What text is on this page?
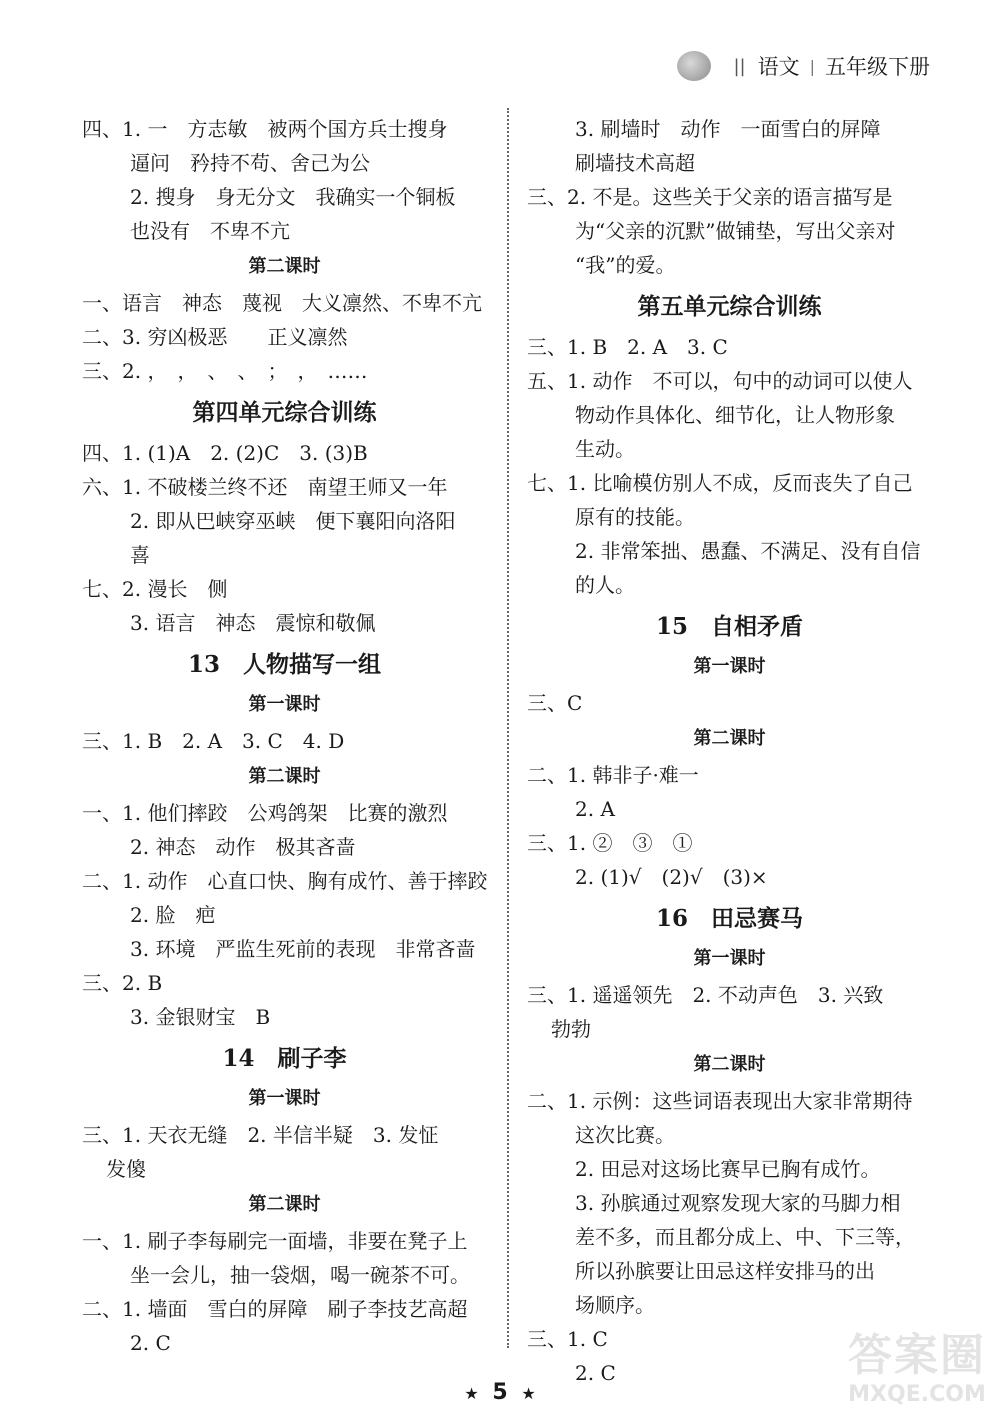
|| 语文 | 五年级下册
四、1. 一　方志敏　被两个国方兵士搜身
逼问　矜持不苟、舍己为公
2. 搜身　身无分文　我确实一个铜板
也没有　不卑不亢
第二课时
一、语言　神态　蔑视　大义凛然、不卑不亢
二、3. 穷凶极恶　　正义凛然
三、2. ，　，　、　、　；　，　……
第四单元综合训练
四、1. (1)A　2. (2)C　3. (3)B
六、1. 不破楼兰终不还　南望王师又一年
2. 即从巴峡穿巫峡　便下襄阳向洛阳
喜
七、2. 漫长　侧
3. 语言　神态　震惊和敬佩
13　人物描写一组
第一课时
三、1. B　2. A　3. C　4. D
第二课时
一、1. 他们摔跤　公鸡鸽架　比赛的激烈
2. 神态　动作　极其吝啬
二、1. 动作　心直口快、胸有成竹、善于摔跤
2. 脸　疤
3. 环境　严监生死前的表现　非常吝啬
三、2. B
3. 金银财宝　B
14　刷子李
第一课时
三、1. 天衣无缝　2. 半信半疑　3. 发怔
发傻
第二课时
一、1. 刷子李每刷完一面墙，非要在凳子上
坐一会儿，抽一袋烟，喝一碗茶不可。
二、1. 墙面　雪白的屏障　刷子李技艺高超
2. C
3. 刷墙时　动作　一面雪白的屏障
刷墙技术高超
三、2. 不是。这些关于父亲的语言描写是
为“父亲的沉默”做铺垫，写出父亲对
“我”的爱。
第五单元综合训练
三、1. B　2. A　3. C
五、1. 动作　不可以，句中的动词可以使人
物动作具体化、细节化，让人物形象
生动。
七、1. 比喻模仿别人不成，反而丧失了自己
原有的技能。
2. 非常笨拙、愚蠢、不满足、没有自信
的人。
15　自相矛盾
第一课时
三、C
第二课时
二、1. 韩非子·难一
2. A
三、1. ②　③　①
2. (1)√　(2)√　(3)×
16　田忌赛马
第一课时
三、1. 遥遥领先　2. 不动声色　3. 兴致
勃勃
第二课时
二、1. 示例：这些词语表现出大家非常期待
这次比赛。
2. 田忌对这场比赛早已胸有成竹。
3. 孙膑通过观察发现大家的马脚力相
差不多，而且都分成上、中、下三等，
所以孙膑要让田忌这样安排马的出
场顺序。
三、1. C
2. C
★ 5 ★
答案圈
MXQE.COM
